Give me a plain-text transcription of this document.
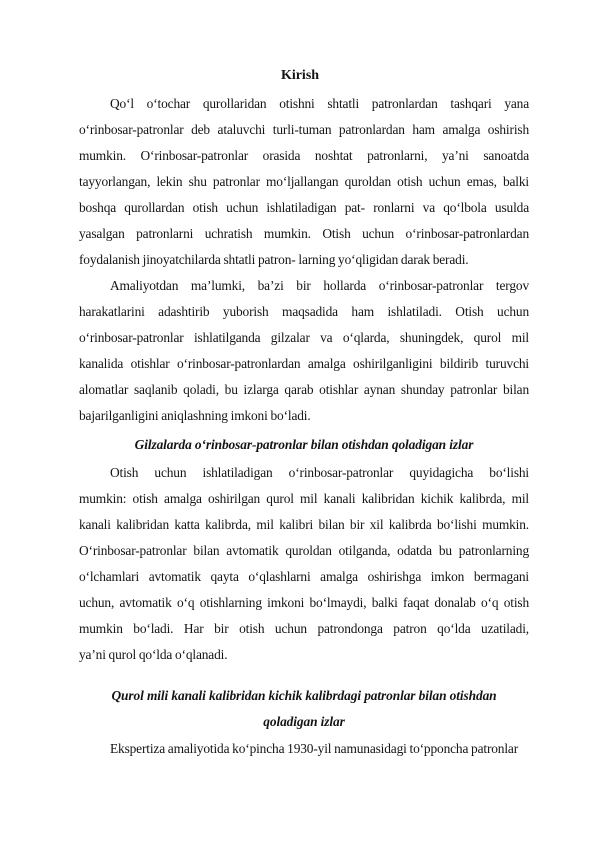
Kirish
Qo‘l o‘tochar qurollaridan otishni shtatli patronlardan tashqari yana
o‘rinbosar-patronlar deb ataluvchi turli-tuman patronlardan ham amalga oshirish
mumkin. O‘rinbosar-patronlar orasida noshtat patronlarni, ya’ni sanoatda
tayyorlangan, lekin shu patronlar mo‘ljallangan quroldan otish uchun emas, balki
boshqa qurollardan otish uchun ishlatiladigan pat- ronlarni va qo‘lbola usulda
yasalgan patronlarni uchratish mumkin. Otish uchun o‘rinbosar-patronlardan
foydalanish jinoyatchilarda shtatli patron- larning yo‘qligidan darak beradi.
Amaliyotdan ma’lumki, ba’zi bir hollarda o‘rinbosar-patronlar tergov
harakatlarini adashtirib yuborish maqsadida ham ishlatiladi. Otish uchun
o‘rinbosar-patronlar ishlatilganda gilzalar va o‘qlarda, shuningdek, qurol mil
kanalida otishlar o‘rinbosar-patronlardan amalga oshirilganligini bildirib turuvchi
alomatlar saqlanib qoladi, bu izlarga qarab otishlar aynan shunday patronlar bilan
bajarilganligini aniqlashning imkoni bo‘ladi.
Gilzalarda o‘rinbosar-patronlar bilan otishdan qoladigan izlar
Otish uchun ishlatiladigan o‘rinbosar-patronlar quyidagicha bo‘lishi
mumkin: otish amalga oshirilgan qurol mil kanali kalibridan kichik kalibrda, mil
kanali kalibridan katta kalibrda, mil kalibri bilan bir xil kalibrda bo‘lishi mumkin.
O‘rinbosar-patronlar bilan avtomatik quroldan otilganda, odatda bu patronlarning
o‘lchamlari avtomatik qayta o‘qlashlarni amalga oshirishga imkon bermagani
uchun, avtomatik o‘q otishlarning imkoni bo‘lmaydi, balki faqat donalab o‘q otish
mumkin bo‘ladi. Har bir otish uchun patrondonga patron qo‘lda uzatiladi,
ya’ni qurol qo‘lda o‘qlanadi.
Qurol mili kanali kalibridan kichik kalibrdagi patronlar bilan otishdan
qoladigan izlar
Ekspertiza amaliyotida ko‘pincha 1930-yil namunasidagi to‘pponcha patronlar
